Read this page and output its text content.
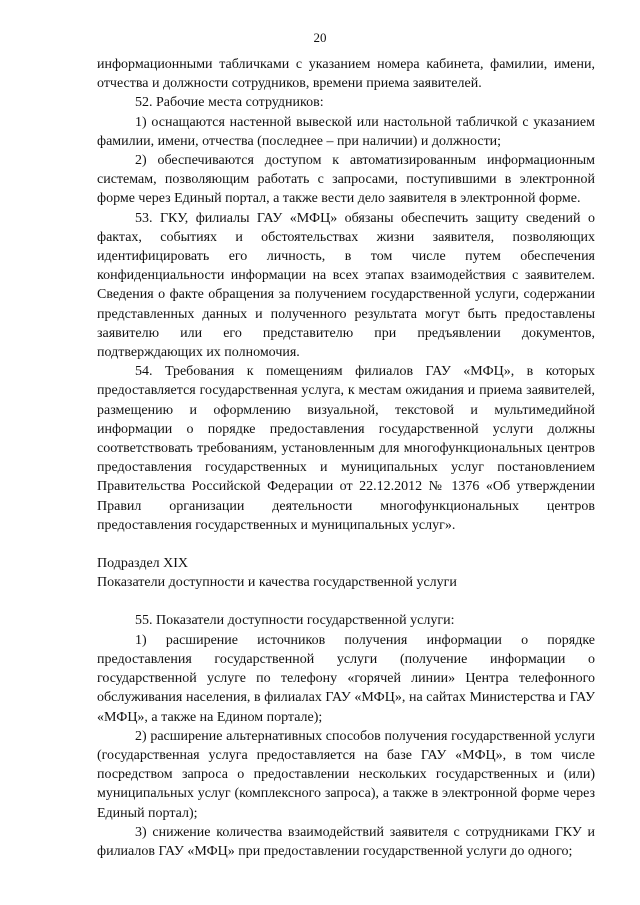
20

информационными табличками с указанием номера кабинета, фамилии, имени, отчества и должности сотрудников, времени приема заявителей.

52. Рабочие места сотрудников:

1) оснащаются настенной вывеской или настольной табличкой с указанием фамилии, имени, отчества (последнее – при наличии) и должности;

2) обеспечиваются доступом к автоматизированным информационным системам, позволяющим работать с запросами, поступившими в электронной форме через Единый портал, а также вести дело заявителя в электронной форме.

53. ГКУ, филиалы ГАУ «МФЦ» обязаны обеспечить защиту сведений о фактах, событиях и обстоятельствах жизни заявителя, позволяющих идентифицировать его личность, в том числе путем обеспечения конфиденциальности информации на всех этапах взаимодействия с заявителем. Сведения о факте обращения за получением государственной услуги, содержании представленных данных и полученного результата могут быть предоставлены заявителю или его представителю при предъявлении документов, подтверждающих их полномочия.

54. Требования к помещениям филиалов ГАУ «МФЦ», в которых предоставляется государственная услуга, к местам ожидания и приема заявителей, размещению и оформлению визуальной, текстовой и мультимедийной информации о порядке предоставления государственной услуги должны соответствовать требованиям, установленным для многофункциональных центров предоставления государственных и муниципальных услуг постановлением Правительства Российской Федерации от 22.12.2012 № 1376 «Об утверждении Правил организации деятельности многофункциональных центров предоставления государственных и муниципальных услуг».

Подраздел XIX

Показатели доступности и качества государственной услуги

55. Показатели доступности государственной услуги:

1) расширение источников получения информации о порядке предоставления государственной услуги (получение информации о государственной услуге по телефону «горячей линии» Центра телефонного обслуживания населения, в филиалах ГАУ «МФЦ», на сайтах Министерства и ГАУ «МФЦ», а также на Едином портале);

2) расширение альтернативных способов получения государственной услуги (государственная услуга предоставляется на базе ГАУ «МФЦ», в том числе посредством запроса о предоставлении нескольких государственных и (или) муниципальных услуг (комплексного запроса), а также в электронной форме через Единый портал);

3) снижение количества взаимодействий заявителя с сотрудниками ГКУ и филиалов ГАУ «МФЦ» при предоставлении государственной услуги до одного;
